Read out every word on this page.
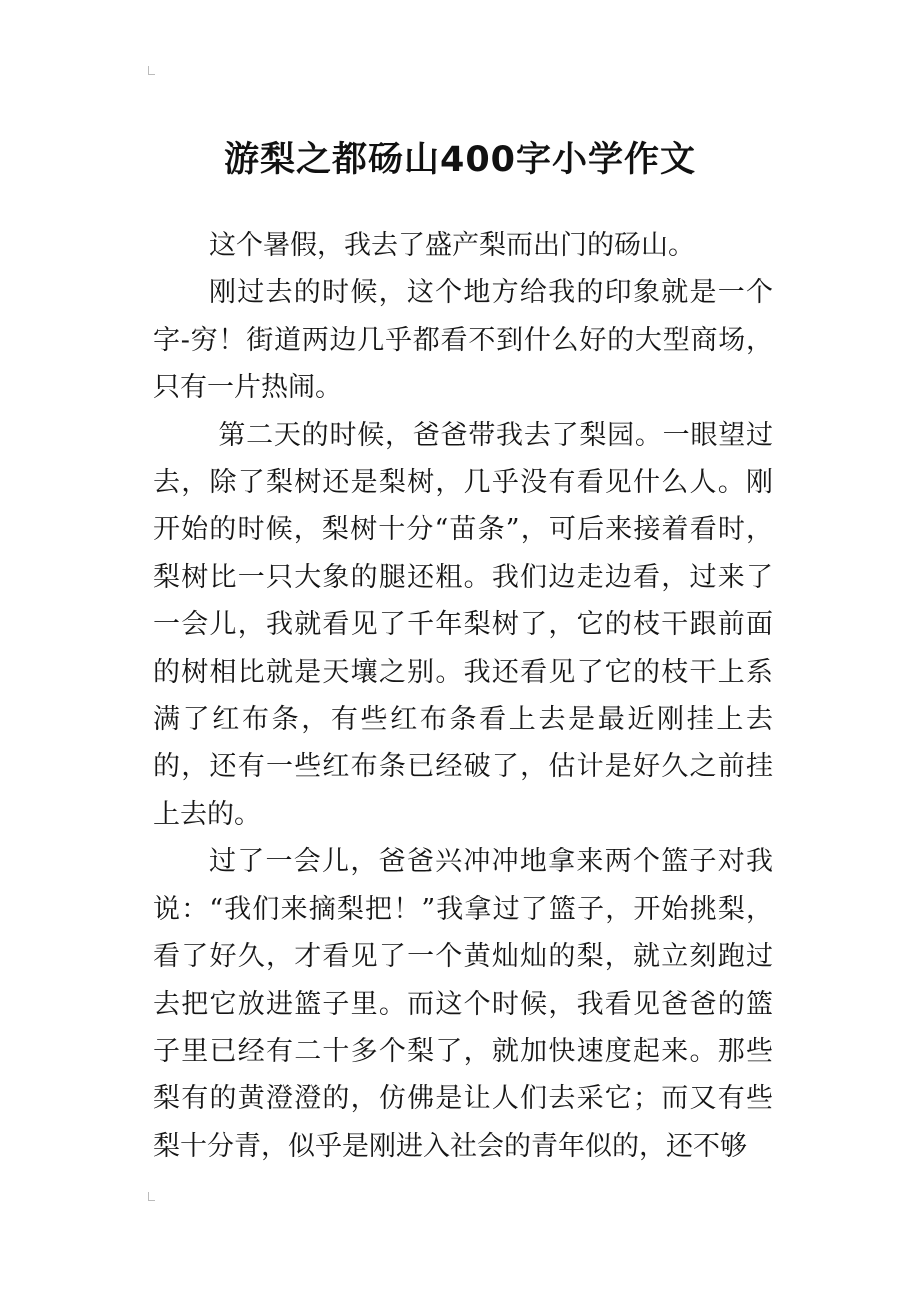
游梨之都砀山400字小学作文

这个暑假，我去了盛产梨而出门的砀山。

刚过去的时候，这个地方给我的印象就是一个字-穷！街道两边几乎都看不到什么好的大型商场，只有一片热闹。

第二天的时候，爸爸带我去了梨园。一眼望过去，除了梨树还是梨树，几乎没有看见什么人。刚开始的时候，梨树十分“苗条”，可后来接着看时，梨树比一只大象的腿还粗。我们边走边看，过来了一会儿，我就看见了千年梨树了，它的枝干跟前面的树相比就是天壤之别。我还看见了它的枝干上系满了红布条，有些红布条看上去是最近刚挂上去的，还有一些红布条已经破了，估计是好久之前挂上去的。

过了一会儿，爸爸兴冲冲地拿来两个篮子对我说：“我们来摘梨把！”我拿过了篮子，开始挑梨，看了好久，才看见了一个黄灿灿的梨，就立刻跑过去把它放进篮子里。而这个时候，我看见爸爸的篮子里已经有二十多个梨了，就加快速度起来。那些梨有的黄澄澄的，仿佛是让人们去采它；而又有些梨十分青，似乎是刚进入社会的青年似的，还不够
